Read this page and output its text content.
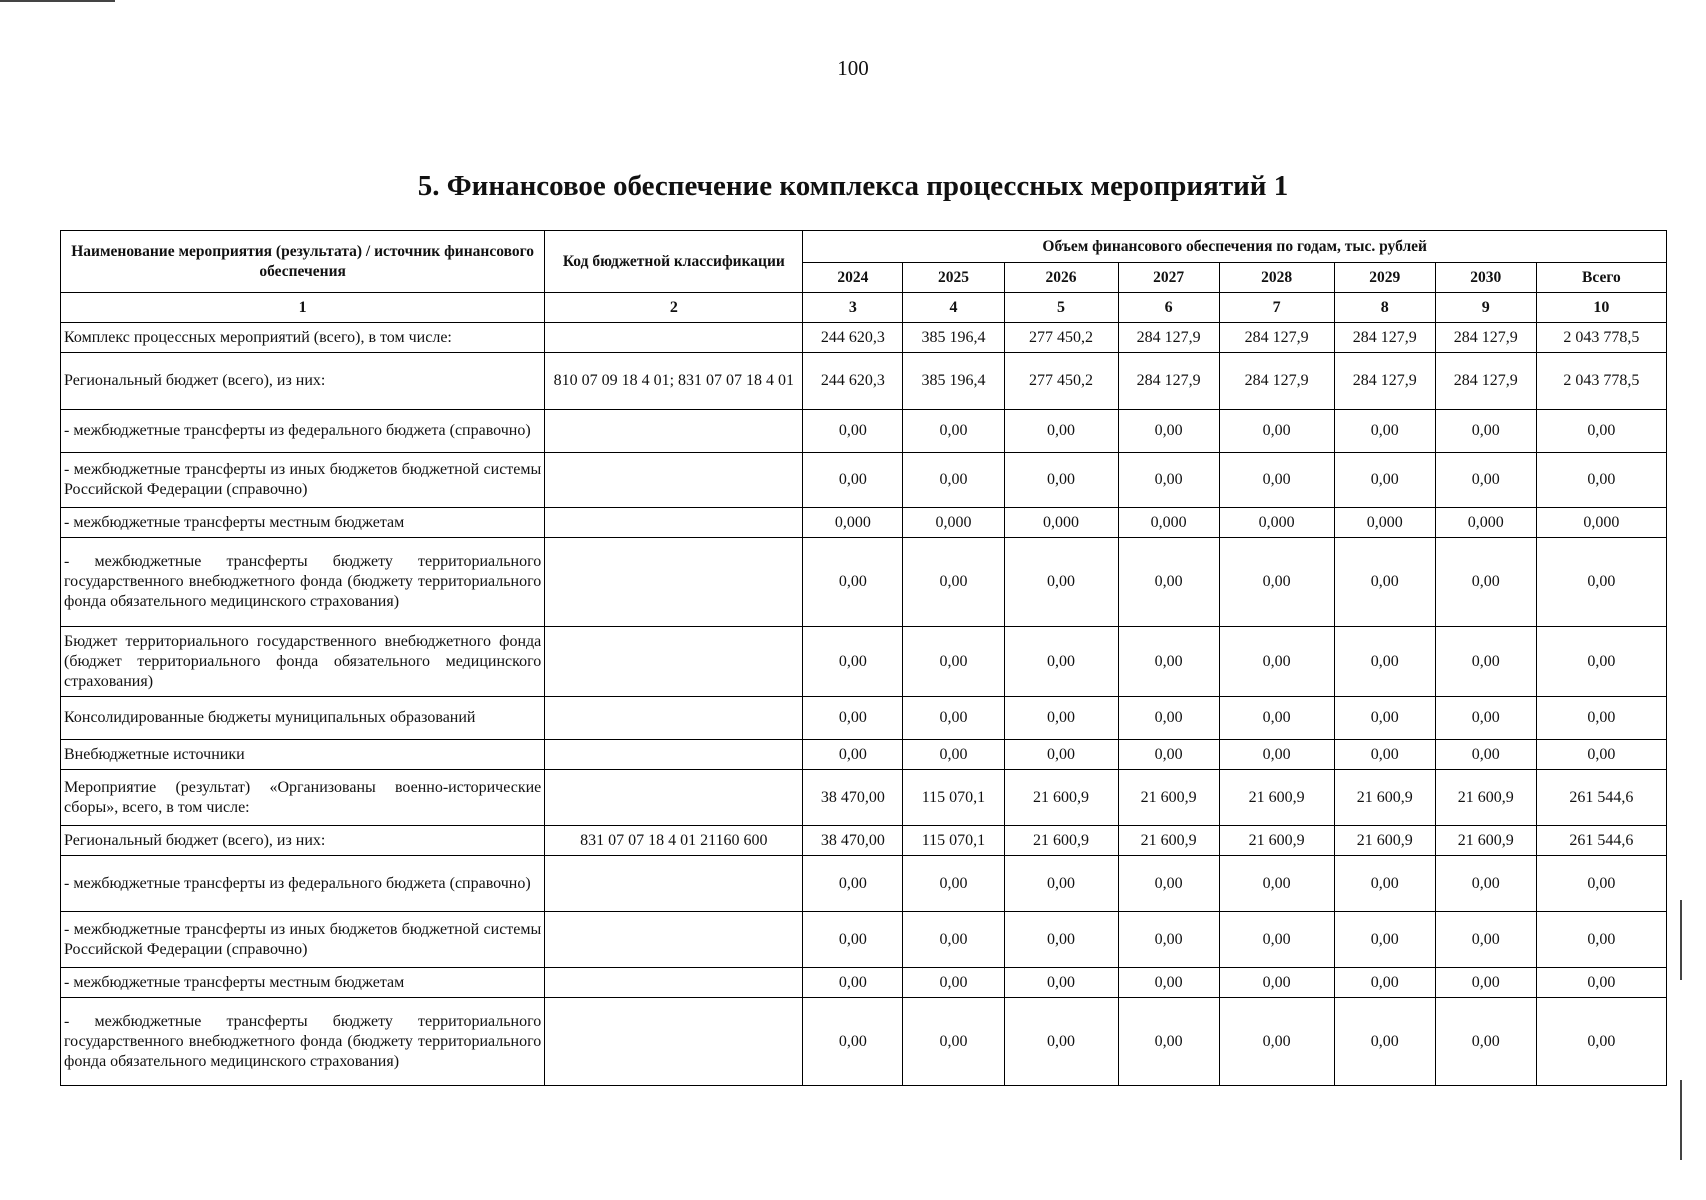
100
5. Финансовое обеспечение комплекса процессных мероприятий 1
Наименование мероприятия (результата) / источник финансового обеспечения	Код бюджетной классификации	Объем финансового обеспечения по годам, тыс. рублей							
		2024	2025	2026	2027	2028	2029	2030	Всего
1	2	3	4	5	6	7	8	9	10
Комплекс процессных мероприятий (всего), в том числе:		244 620,3	385 196,4	277 450,2	284 127,9	284 127,9	284 127,9	284 127,9	2 043 778,5
Региональный бюджет (всего), из них:	810 07 09 18 4 01; 831 07 07 18 4 01	244 620,3	385 196,4	277 450,2	284 127,9	284 127,9	284 127,9	284 127,9	2 043 778,5
- межбюджетные трансферты из федерального бюджета (справочно)		0,00	0,00	0,00	0,00	0,00	0,00	0,00	0,00
- межбюджетные трансферты из иных бюджетов бюджетной системы Российской Федерации (справочно)		0,00	0,00	0,00	0,00	0,00	0,00	0,00	0,00
- межбюджетные трансферты местным бюджетам		0,000	0,000	0,000	0,000	0,000	0,000	0,000	0,000
- межбюджетные трансферты бюджету территориального государственного внебюджетного фонда (бюджету территориального фонда обязательного медицинского страхования)		0,00	0,00	0,00	0,00	0,00	0,00	0,00	0,00
Бюджет территориального государственного внебюджетного фонда (бюджет территориального фонда обязательного медицинского страхования)		0,00	0,00	0,00	0,00	0,00	0,00	0,00	0,00
Консолидированные бюджеты муниципальных образований		0,00	0,00	0,00	0,00	0,00	0,00	0,00	0,00
Внебюджетные источники		0,00	0,00	0,00	0,00	0,00	0,00	0,00	0,00
Мероприятие (результат) «Организованы военно-исторические сборы», всего, в том числе:		38 470,00	115 070,1	21 600,9	21 600,9	21 600,9	21 600,9	21 600,9	261 544,6
Региональный бюджет (всего), из них:	831 07 07 18 4 01 21160 600	38 470,00	115 070,1	21 600,9	21 600,9	21 600,9	21 600,9	21 600,9	261 544,6
- межбюджетные трансферты из федерального бюджета (справочно)		0,00	0,00	0,00	0,00	0,00	0,00	0,00	0,00
- межбюджетные трансферты из иных бюджетов бюджетной системы Российской Федерации (справочно)		0,00	0,00	0,00	0,00	0,00	0,00	0,00	0,00
- межбюджетные трансферты местным бюджетам		0,00	0,00	0,00	0,00	0,00	0,00	0,00	0,00
- межбюджетные трансферты бюджету территориального государственного внебюджетного фонда (бюджету территориального фонда обязательного медицинского страхования)		0,00	0,00	0,00	0,00	0,00	0,00	0,00	0,00
